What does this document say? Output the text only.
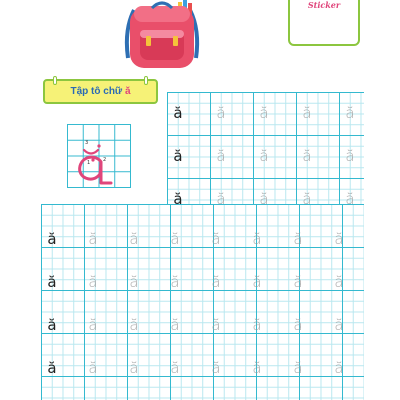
Sticker
Tập tô chữ ă
3
1	2
ă	ă	ă	ă	ă
ă	ă	ă	ă	ă
ă	ă	ă	ă	ă
ă	ă	ă	ă	ă	ă	ă	ă
ă	ă	ă	ă	ă	ă	ă	ă
ă	ă	ă	ă	ă	ă	ă	ă
ă	ă	ă	ă	ă	ă	ă	ă
